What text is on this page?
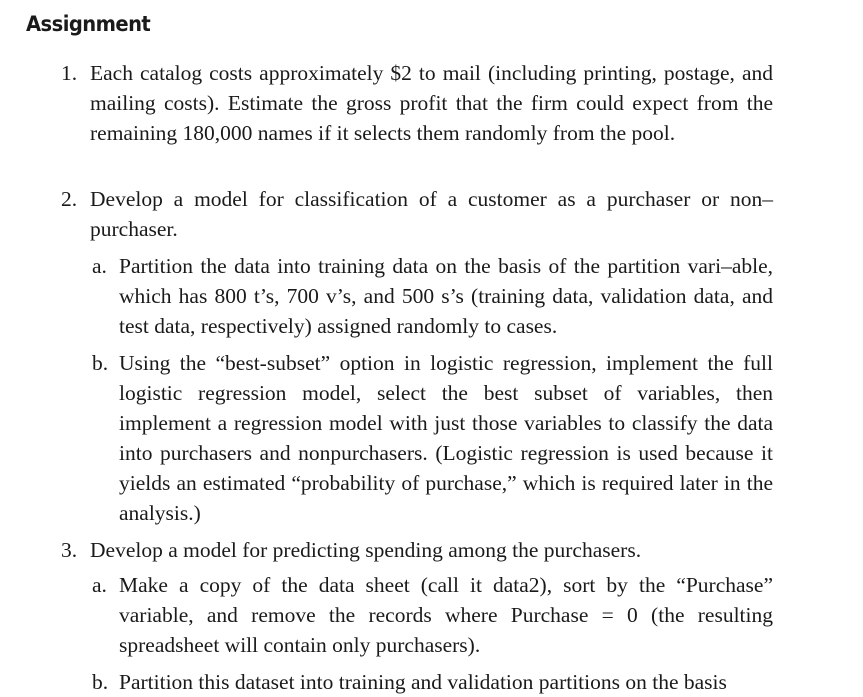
Assignment
1. Each catalog costs approximately $2 to mail (including printing, postage, and mailing costs). Estimate the gross profit that the firm could expect from the remaining 180,000 names if it selects them randomly from the pool.
2. Develop a model for classification of a customer as a purchaser or non–purchaser.
a. Partition the data into training data on the basis of the partition vari–able, which has 800 t’s, 700 v’s, and 500 s’s (training data, validation data, and test data, respectively) assigned randomly to cases.
b. Using the “best-subset” option in logistic regression, implement the full logistic regression model, select the best subset of variables, then implement a regression model with just those variables to classify the data into purchasers and nonpurchasers. (Logistic regression is used because it yields an estimated “probability of purchase,” which is required later in the analysis.)
3. Develop a model for predicting spending among the purchasers.
a. Make a copy of the data sheet (call it data2), sort by the “Purchase” variable, and remove the records where Purchase = 0 (the resulting spreadsheet will contain only purchasers).
b. Partition this dataset into training and validation partitions on the basis
